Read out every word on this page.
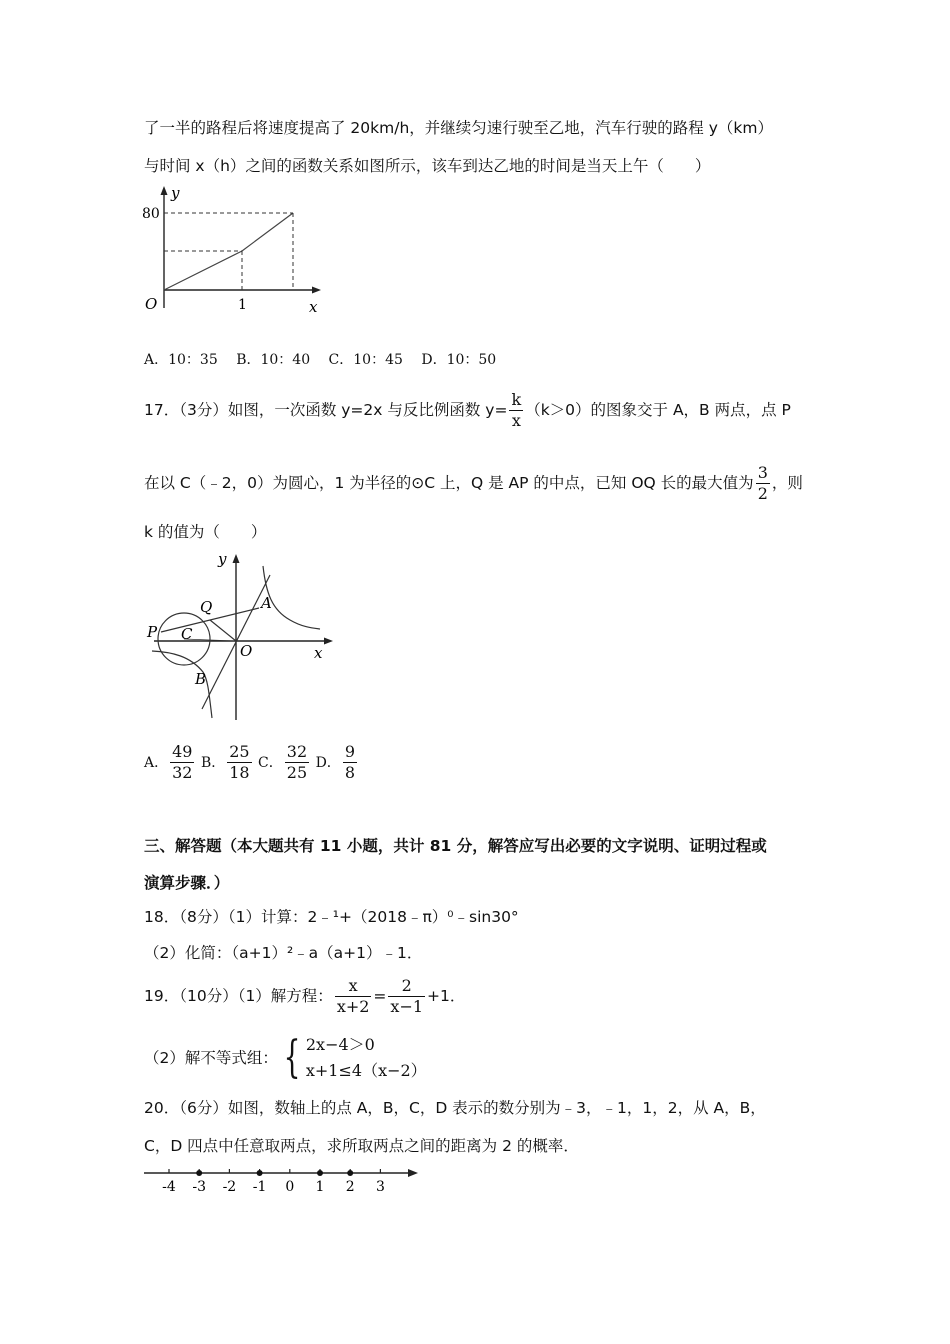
了一半的路程后将速度提高了 20km/h，并继续匀速行驶至乙地，汽车行驶的路程 y（km）
与时间 x（h）之间的函数关系如图所示，该车到达乙地的时间是当天上午（　　）
y
80
O	1	x
A．10：35　 B．10：40　 C．10：45　 D．10：50
17．（3分）如图，一次函数 y=2x 与反比例函数 $y= \frac{k}{x} (k>0)$的图象交于 A，B 两点，点 P
在以 C（﹣2，0）为圆心，1 为半径的⊙C 上，Q 是 AP 的中点，已知 OQ 长的最大值为 $\frac{3}{2}$ ，则
k 的值为（　　）
y
A
Q
P C
O	x
B
A． $\frac{49}{32}$ B． $\frac{25}{18}$ C． $\frac{32}{25}$ D． $\frac{9}{8}$
三、解答题（本大题共有 11 小题，共计 81 分，解答应写出必要的文字说明、证明过程或
演算步骤．）
18．（8分）（1）计算：2﹣¹+（2018﹣π）⁰﹣sin30°
（2）化简：（a+1）²﹣a（a+1）﹣1．
19．（10分）（1）解方程： $\frac{x}{x+2} = \frac{2}{x-1} +1$．
（2）解不等式组： { 2x−4＞0
x+1≤4（x−2）
20．（6分）如图，数轴上的点 A，B，C，D 表示的数分别为﹣3，﹣1，1，2，从 A，B，
C，D 四点中任意取两点，求所取两点之间的距离为 2 的概率．
-4 -3 -2 -1 0 1 2 3
